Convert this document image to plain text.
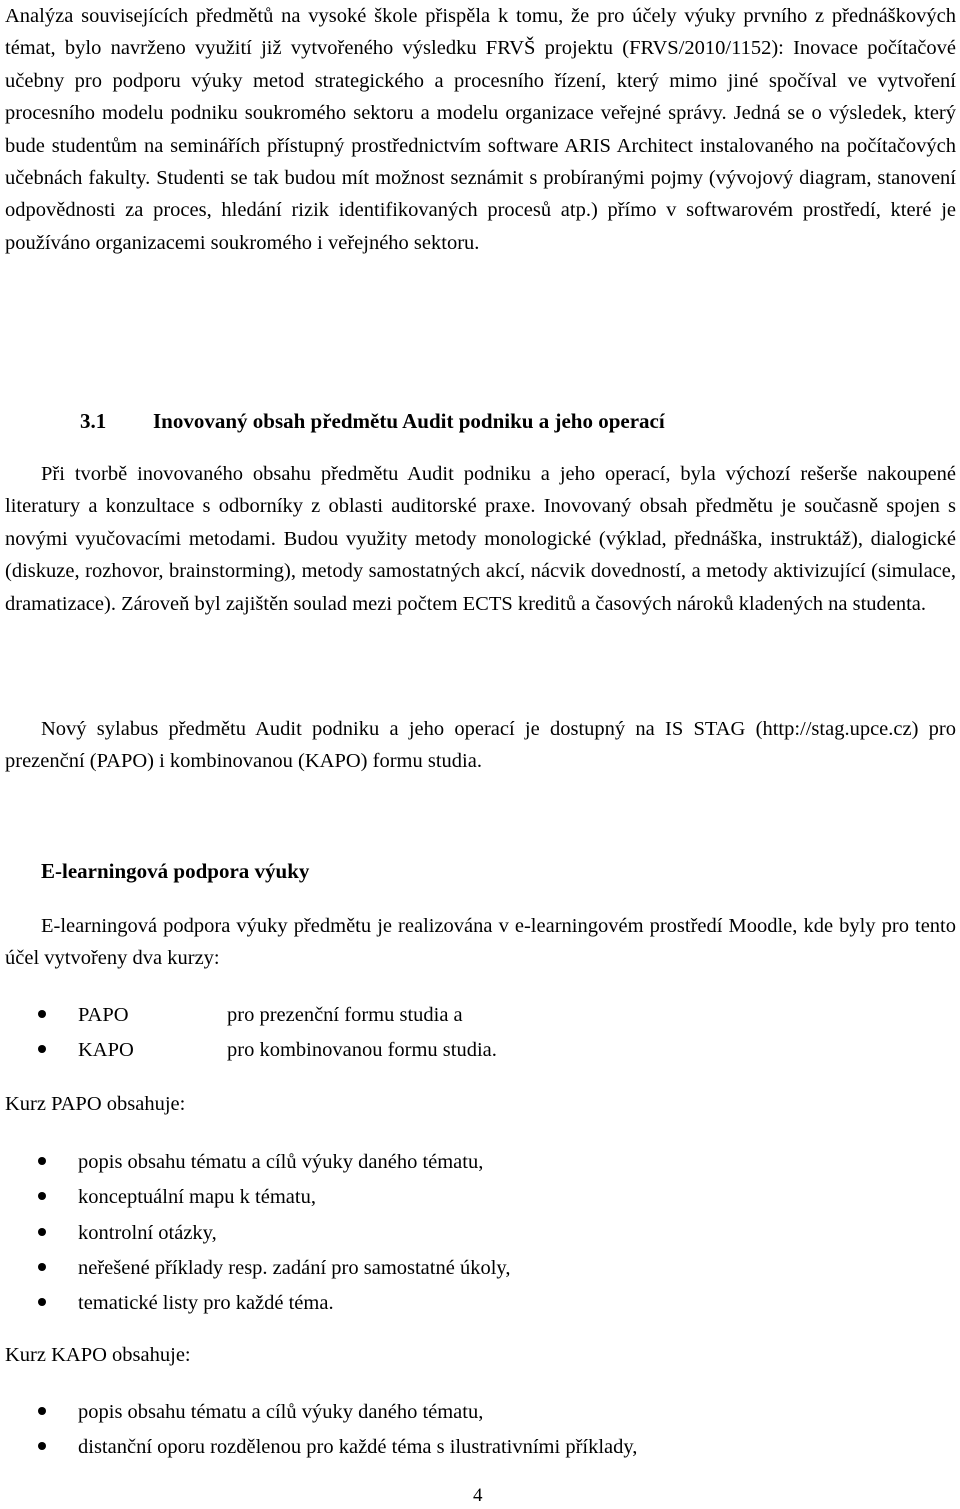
Analýza souvisejících předmětů na vysoké škole přispěla k tomu, že pro účely výuky prvního z přednáškových témat, bylo navrženo využití již vytvořeného výsledku FRVŠ projektu (FRVS/2010/1152): Inovace počítačové učebny pro podporu výuky metod strategického a procesního řízení, který mimo jiné spočíval ve vytvoření procesního modelu podniku soukromého sektoru a modelu organizace veřejné správy. Jedná se o výsledek, který bude studentům na seminářích přístupný prostřednictvím software ARIS Architect instalovaného na počítačových učebnách fakulty. Studenti se tak budou mít možnost seznámit s probíranými pojmy (vývojový diagram, stanovení odpovědnosti za proces, hledání rizik identifikovaných procesů atp.) přímo v softwarovém prostředí, které je používáno organizacemi soukromého i veřejného sektoru.

3.1 Inovovaný obsah předmětu Audit podniku a jeho operací

Při tvorbě inovovaného obsahu předmětu Audit podniku a jeho operací, byla výchozí rešerše nakoupené literatury a konzultace s odborníky z oblasti auditorské praxe. Inovovaný obsah předmětu je současně spojen s novými vyučovacími metodami. Budou využity metody monologické (výklad, přednáška, instruktáž), dialogické (diskuze, rozhovor, brainstorming), metody samostatných akcí, nácvik dovedností, a metody aktivizující (simulace, dramatizace). Zároveň byl zajištěn soulad mezi počtem ECTS kreditů a časových nároků kladených na studenta.

Nový sylabus předmětu Audit podniku a jeho operací je dostupný na IS STAG (http://stag.upce.cz) pro prezenční (PAPO) i kombinovanou (KAPO) formu studia.

E-learningová podpora výuky

E-learningová podpora výuky předmětu je realizována v e-learningovém prostředí Moodle, kde byly pro tento účel vytvořeny dva kurzy:

PAPO	pro prezenční formu studia a
KAPO	pro kombinovanou formu studia.

Kurz PAPO obsahuje:

popis obsahu tématu a cílů výuky daného tématu,
konceptuální mapu k tématu,
kontrolní otázky,
neřešené příklady resp. zadání pro samostatné úkoly,
tematické listy pro každé téma.

Kurz KAPO obsahuje:

popis obsahu tématu a cílů výuky daného tématu,
distanční oporu rozdělenou pro každé téma s ilustrativními příklady,
4
